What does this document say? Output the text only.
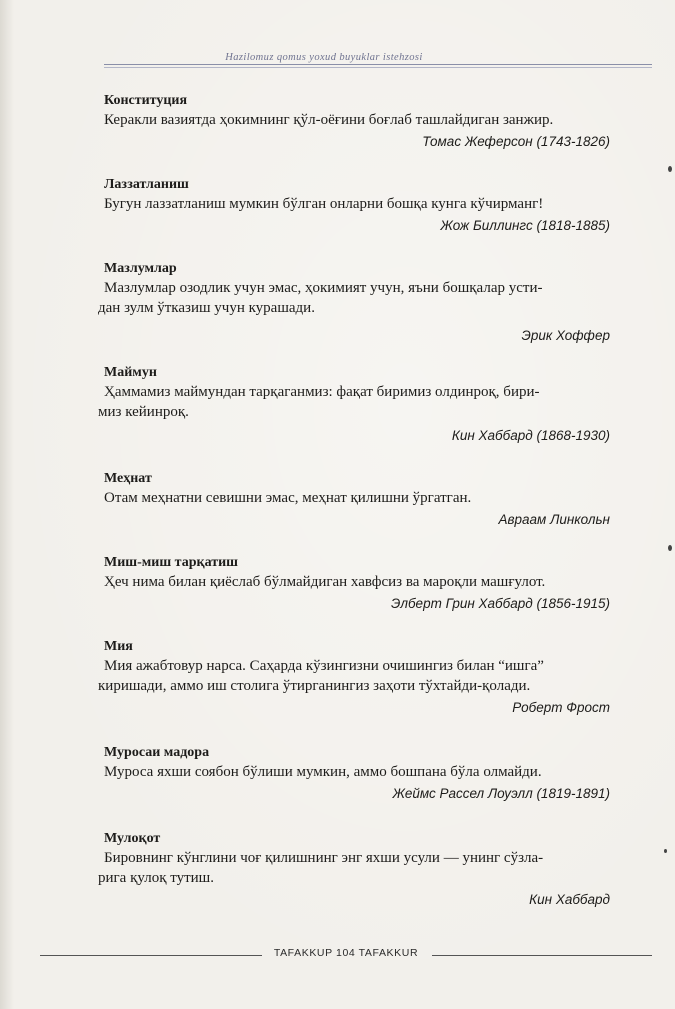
Hazilomuz qomus yoxud buyuklar istehzosi
Конституция
Керакли вазиятда ҳокимнинг қўл-оёғини боғлаб ташлайдиган занжир.
Томас Жеферсон (1743-1826)
Лаззатланиш
Бугун лаззатланиш мумкин бўлган онларни бошқа кунга кўчирманг!
Жож Биллингс (1818-1885)
Мазлумлар
Мазлумлар озодлик учун эмас, ҳокимият учун, яъни бошқалар усти-
дан зулм ўтказиш учун курашади.
Эрик Хоффер
Маймун
Ҳаммамиз маймундан тарқаганмиз: фақат биримиз олдинроқ, бири-
миз кейинроқ.
Кин Хаббард (1868-1930)
Меҳнат
Отам меҳнатни севишни эмас, меҳнат қилишни ўргатган.
Авраам Линкольн
Миш-миш тарқатиш
Ҳеч нима билан қиёслаб бўлмайдиган хавфсиз ва мароқли машғулот.
Элберт Грин Хаббард (1856-1915)
Мия
Мия ажабтовур нарса. Саҳарда кўзингизни очишингиз билан “ишга”
киришади, аммо иш столига ўтирганингиз заҳоти тўхтайди-қолади.
Роберт Фрост
Муросаи мадора
Муроса яхши соябон бўлиши мумкин, аммо бошпана бўла олмайди.
Жеймс Рассел Лоуэлл (1819-1891)
Мулоқот
Бировнинг кўнглини чоғ қилишнинг энг яхши усули — унинг сўзла-
рига қулоқ тутиш.
Кин Хаббард
TAFAKKUP 104 TAFAKKUR
